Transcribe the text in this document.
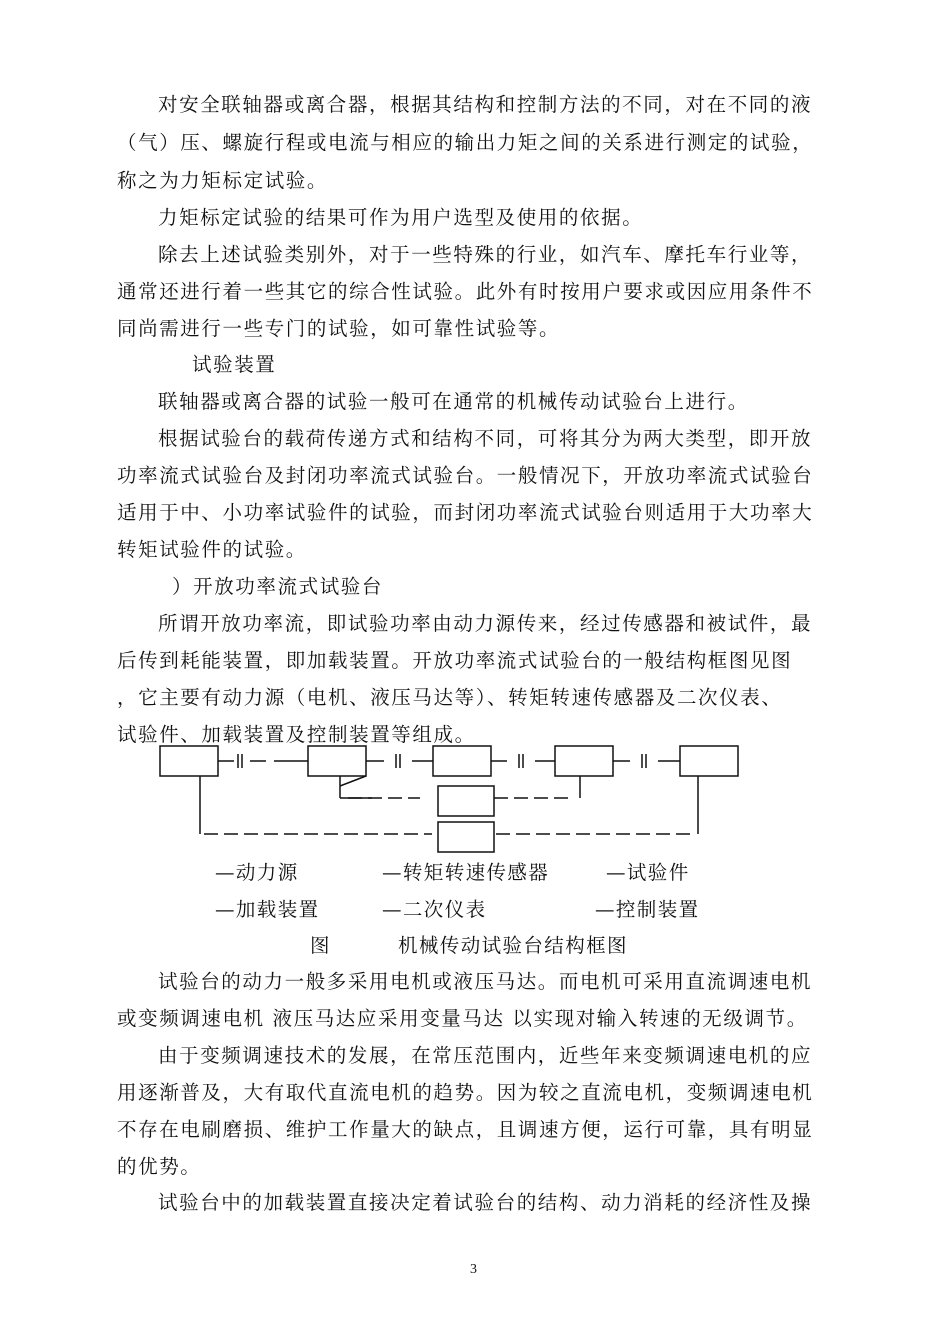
对安全联轴器或离合器，根据其结构和控制方法的不同，对在不同的液
（气）压、螺旋行程或电流与相应的输出力矩之间的关系进行测定的试验，
称之为力矩标定试验。
力矩标定试验的结果可作为用户选型及使用的依据。
除去上述试验类别外，对于一些特殊的行业，如汽车、摩托车行业等，
通常还进行着一些其它的综合性试验。此外有时按用户要求或因应用条件不
同尚需进行一些专门的试验，如可靠性试验等。
试验装置
联轴器或离合器的试验一般可在通常的机械传动试验台上进行。
根据试验台的载荷传递方式和结构不同，可将其分为两大类型，即开放
功率流式试验台及封闭功率流式试验台。一般情况下，开放功率流式试验台
适用于中、小功率试验件的试验，而封闭功率流式试验台则适用于大功率大
转矩试验件的试验。
）开放功率流式试验台
所谓开放功率流，即试验功率由动力源传来，经过传感器和被试件，最
后传到耗能装置，即加载装置。开放功率流式试验台的一般结构框图见图
，它主要有动力源（电机、液压马达等）、转矩转速传感器及二次仪表、
试验件、加载装置及控制装置等组成。
—动力源	—转矩转速传感器	—试验件
—加载装置	—二次仪表	—控制装置
图	机械传动试验台结构框图
试验台的动力一般多采用电机或液压马达。而电机可采用直流调速电机
或变频调速电机 液压马达应采用变量马达 以实现对输入转速的无级调节。
由于变频调速技术的发展，在常压范围内，近些年来变频调速电机的应
用逐渐普及，大有取代直流电机的趋势。因为较之直流电机，变频调速电机
不存在电刷磨损、维护工作量大的缺点，且调速方便，运行可靠，具有明显
的优势。
试验台中的加载装置直接决定着试验台的结构、动力消耗的经济性及操
3
